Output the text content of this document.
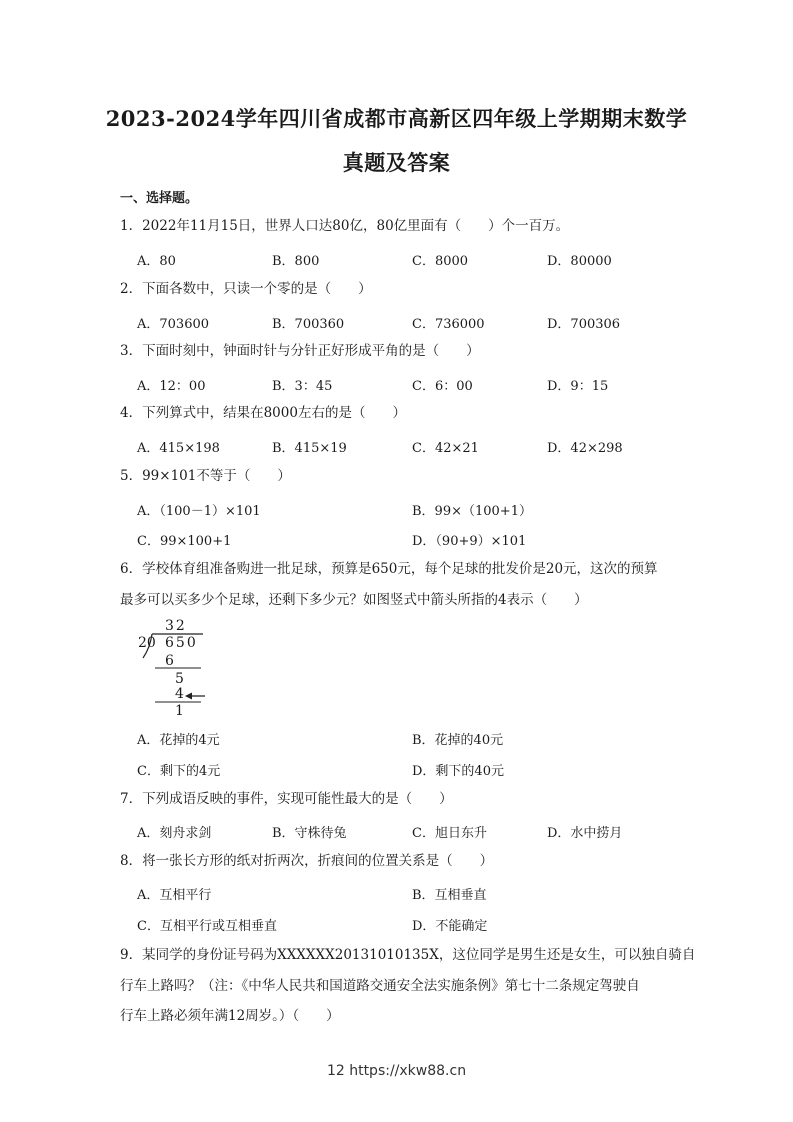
2023-2024学年四川省成都市高新区四年级上学期期末数学
真题及答案
一、选择题。
1．2022年11月15日，世界人口达80亿，80亿里面有（　　）个一百万。
A．80	B．800	C．8000	D．80000
2．下面各数中，只读一个零的是（　　）
A．703600	B．700360	C．736000	D．700306
3．下面时刻中，钟面时针与分针正好形成平角的是（　　）
A．12：00	B．3：45	C．6：00	D．9：15
4．下列算式中，结果在8000左右的是（　　）
A．415×198	B．415×19	C．42×21	D．42×298
5．99×101不等于（　　）
A．（100－1）×101	B．99×（100+1）
C．99×100+1	D．（90+9）×101
6．学校体育组准备购进一批足球，预算是650元，每个足球的批发价是20元，这次的预算
最多可以买多少个足球，还剩下多少元？如图竖式中箭头所指的4表示（　　）
32
20 650
6
5
4
1
A．花掉的4元	B．花掉的40元
C．剩下的4元	D．剩下的40元
7．下列成语反映的事件，实现可能性最大的是（　　）
A．刻舟求剑	B．守株待兔	C．旭日东升	D．水中捞月
8．将一张长方形的纸对折两次，折痕间的位置关系是（　　）
A．互相平行	B．互相垂直
C．互相平行或互相垂直	D．不能确定
9．某同学的身份证号码为XXXXXX20131010135X，这位同学是男生还是女生，可以独自骑自
行车上路吗？（注：《中华人民共和国道路交通安全法实施条例》第七十二条规定驾驶自
行车上路必须年满12周岁。）（　　）
12 https://xkw88.cn
